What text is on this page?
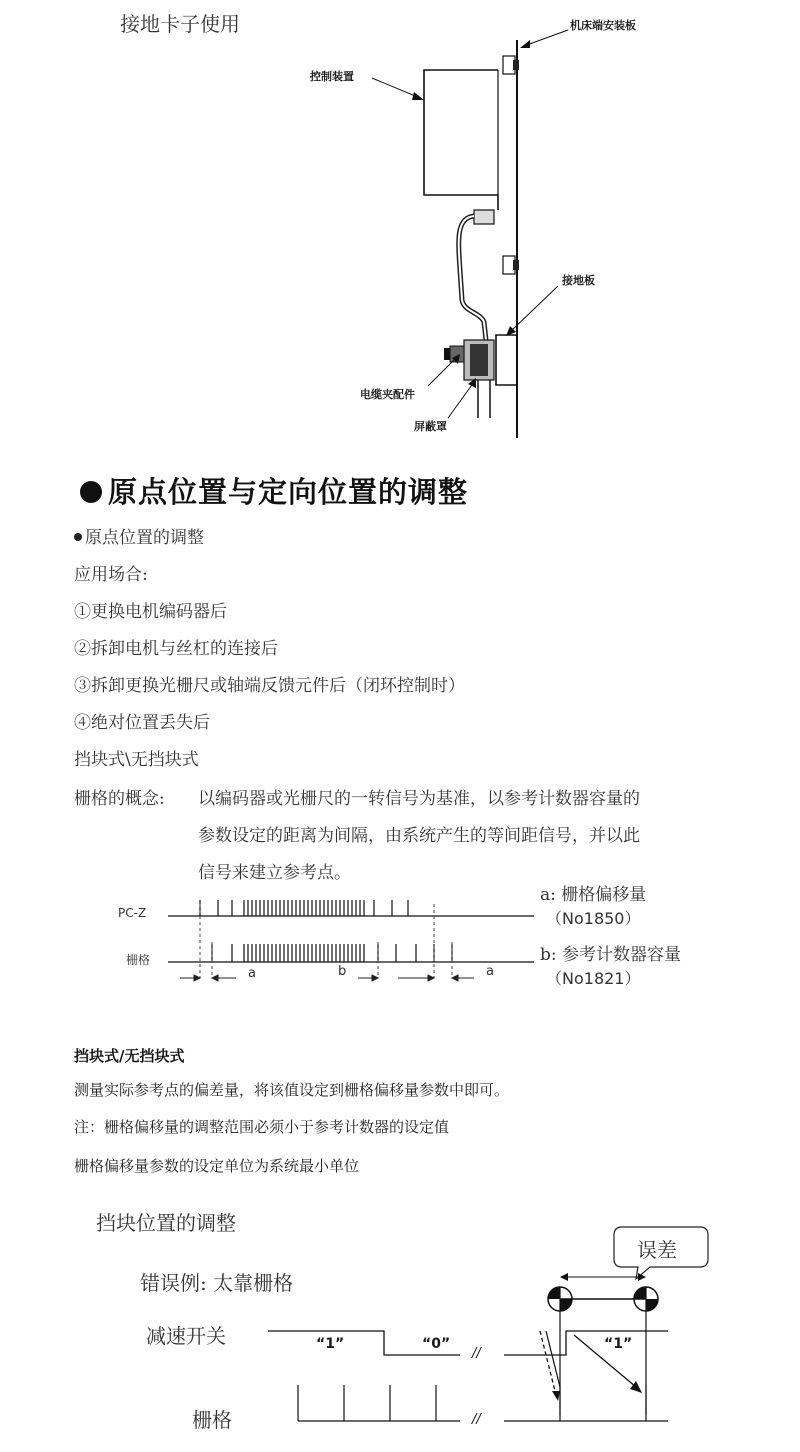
接地卡子使用	机床端安装板
控制装置
接地板
电缆夹配件
屏蔽罩
原点位置与定向位置的调整
原点位置的调整
应用场合:
①更换电机编码器后
②拆卸电机与丝杠的连接后
③拆卸更换光栅尺或轴端反馈元件后（闭环控制时）
④绝对位置丢失后
挡块式\无挡块式
栅格的概念: 以编码器或光栅尺的一转信号为基准，以参考计数器容量的
参数设定的距离为间隔，由系统产生的等间距信号，并以此
信号来建立参考点。
PC-Z
栅格
a	b	a
a: 栅格偏移量
（No1850）
b: 参考计数器容量
（No1821）
挡块式/无挡块式
测量实际参考点的偏差量，将该值设定到栅格偏移量参数中即可。
注：栅格偏移量的调整范围必须小于参考计数器的设定值
栅格偏移量参数的设定单位为系统最小单位
挡块位置的调整
错误例: 太靠栅格
减速开关
栅格
误差
“1”	“0”	“1”
//
//
